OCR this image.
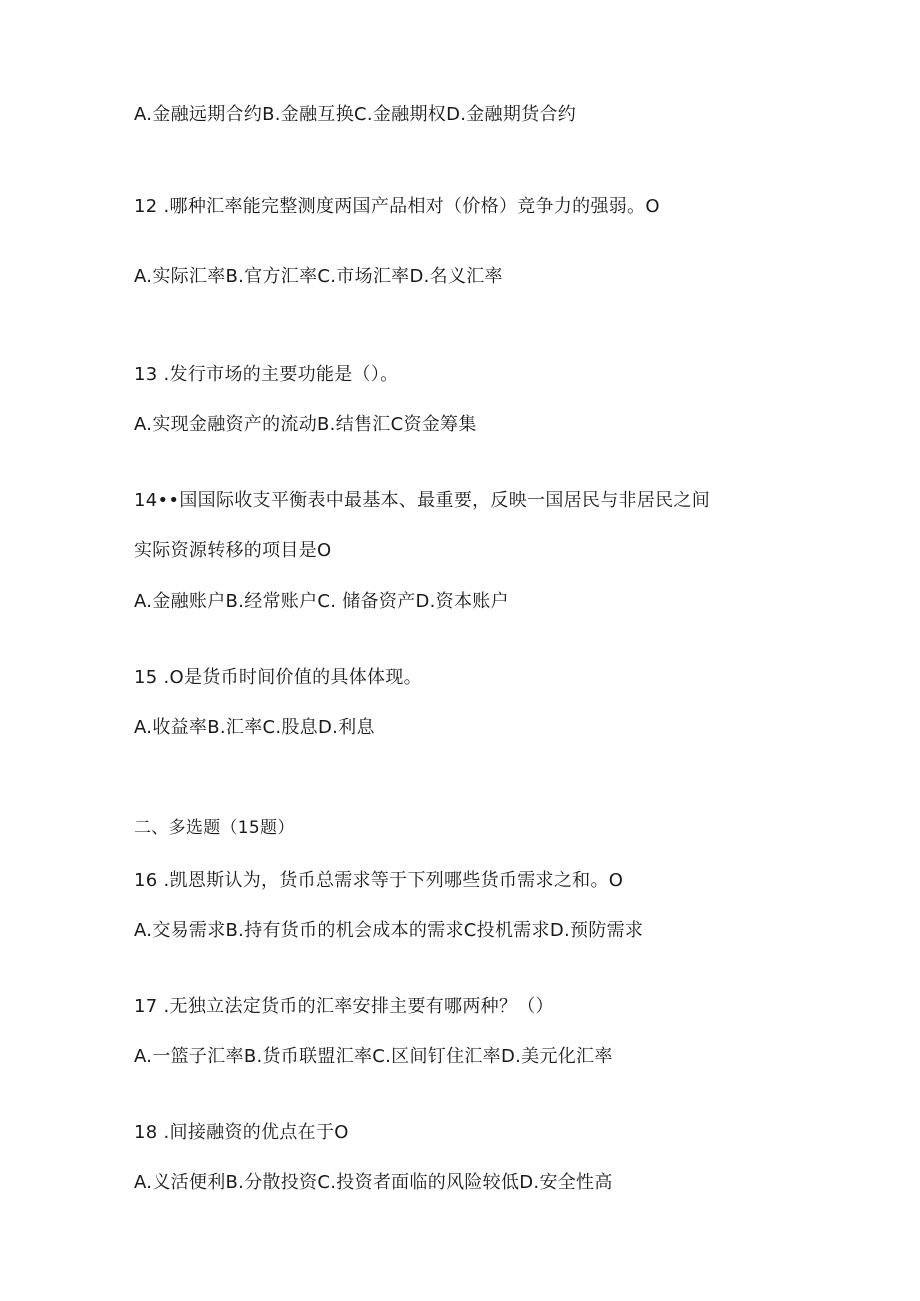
A.金融远期合约B.金融互换C.金融期权D.金融期货合约
12 .哪种汇率能完整测度两国产品相对（价格）竞争力的强弱。O
A.实际汇率B.官方汇率C.市场汇率D.名义汇率
13 .发行市场的主要功能是（）。
A.实现金融资产的流动B.结售汇C资金筹集
14••国国际收支平衡表中最基本、最重要，反映一国居民与非居民之间
实际资源转移的项目是O
A.金融账户B.经常账户C. 储备资产D.资本账户
15 .O是货币时间价值的具体体现。
A.收益率B.汇率C.股息D.利息
二、多选题（15题）
16 .凯恩斯认为，货币总需求等于下列哪些货币需求之和。O
A.交易需求B.持有货币的机会成本的需求C投机需求D.预防需求
17 .无独立法定货币的汇率安排主要有哪两种？（）
A.一篮子汇率B.货币联盟汇率C.区间钉住汇率D.美元化汇率
18 .间接融资的优点在于O
A.义活便利B.分散投资C.投资者面临的风险较低D.安全性高
